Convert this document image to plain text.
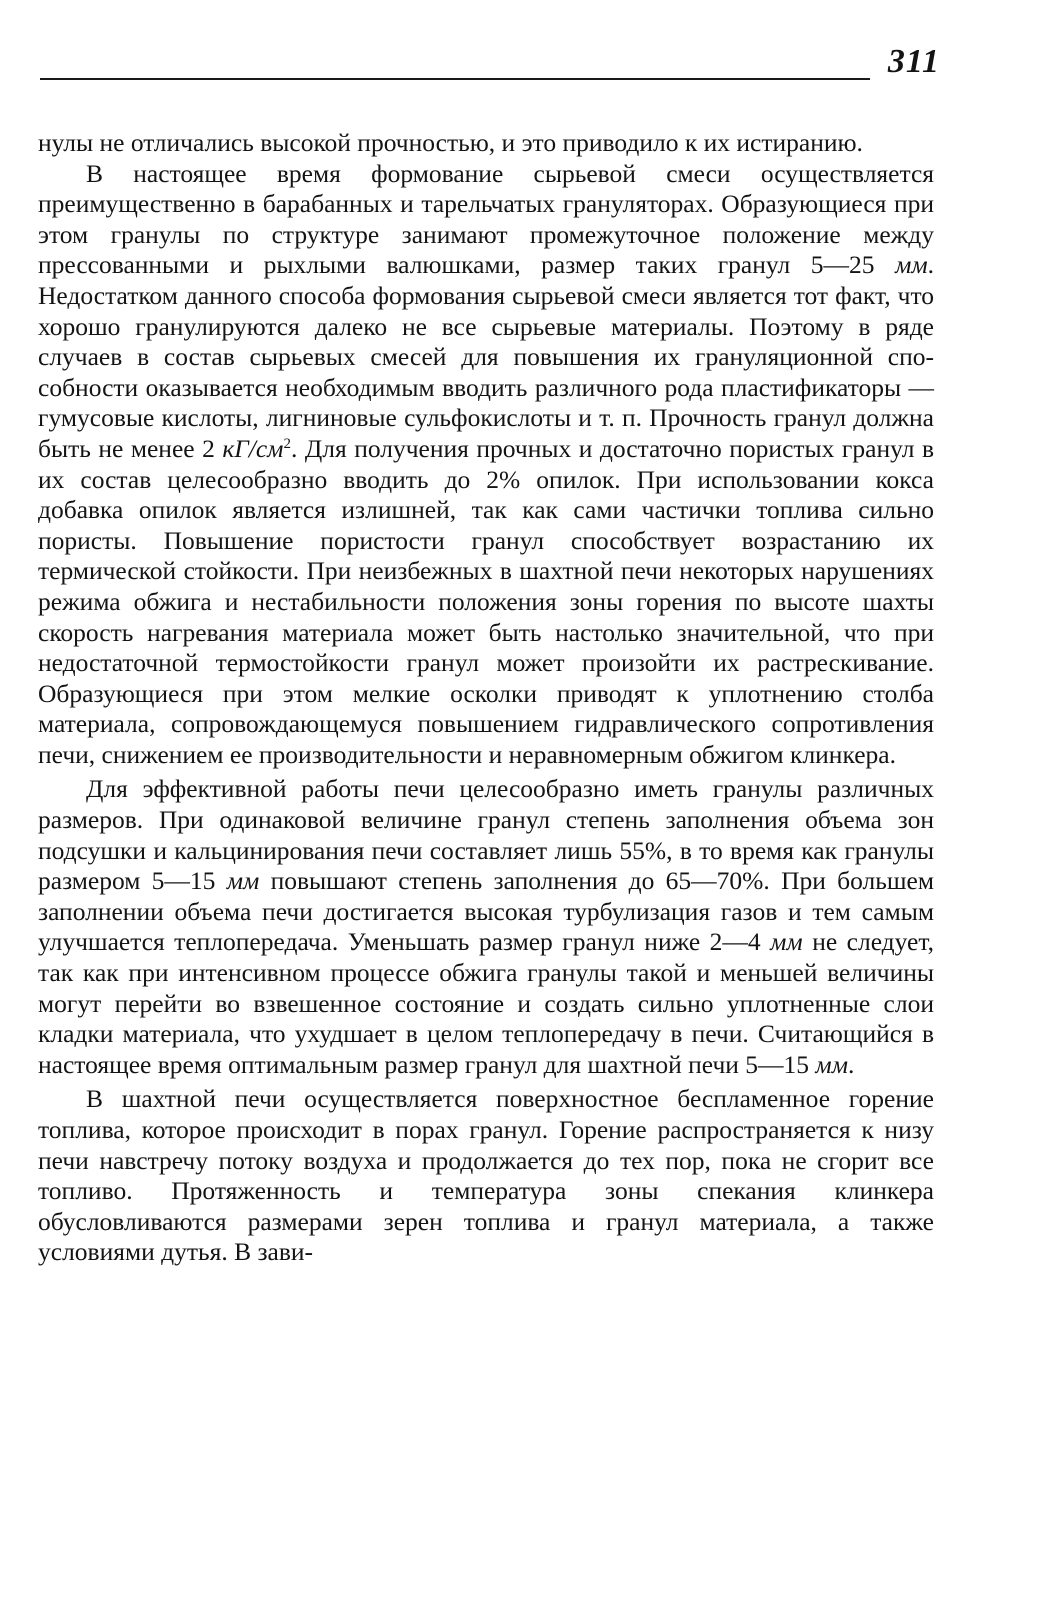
311

нулы не отличались высокой прочностью, и это приводило к их истиранию.

В настоящее время формование сырьевой смеси осуществляется преимущественно в барабанных и тарельчатых грануляторах. Образующиеся при этом гранулы по структуре занимают промежуточное положение между прессованными и рыхлыми валюшками, размер таких гранул 5—25 мм. Недостатком данного способа формования сырьевой смеси является тот факт, что хорошо гранулируются далеко не все сырьевые материалы. Поэтому в ряде случаев в состав сырьевых смесей для повышения их грануляционной способности оказывается необходимым вводить различного рода пластификаторы — гумусовые кислоты, лигниновые сульфокислоты и т. п. Прочность гранул должна быть не менее 2 $кГ/см^2$. Для получения прочных и достаточно пористых гранул в их состав целесообразно вводить до 2% опилок. При использовании кокса добавка опилок является излишней, так как сами частички топлива сильно пористы. Повышение пористости гранул способствует возрастанию их термической стойкости. При неизбежных в шахтной печи некоторых нарушениях режима обжига и нестабильности положения зоны горения по высоте шахты скорость нагревания материала может быть настолько значительной, что при недостаточной термостойкости гранул может произойти их растрескивание. Образующиеся при этом мелкие осколки приводят к уплотнению столба материала, сопровождающемуся повышением гидравлического сопротивления печи, снижением ее производительности и неравномерным обжигом клинкера.

Для эффективной работы печи целесообразно иметь гранулы различных размеров. При одинаковой величине гранул степень заполнения объема зон подсушки и кальцинирования печи составляет лишь 55%, в то время как гранулы размером 5—15 мм повышают степень заполнения до 65—70%. При большем заполнении объема печи достигается высокая турбулизация газов и тем самым улучшается теплопередача. Уменьшать размер гранул ниже 2—4 мм не следует, так как при интенсивном процессе обжига гранулы такой и меньшей величины могут перейти во взвешенное состояние и создать сильно уплотненные слои кладки материала, что ухудшает в целом теплопередачу в печи. Считающийся в настоящее время оптимальным размер гранул для шахтной печи 5—15 мм.

В шахтной печи осуществляется поверхностное беспламенное горение топлива, которое происходит в порах гранул. Горение распространяется к низу печи навстречу потоку воздуха и продолжается до тех пор, пока не сгорит все топливо. Протяженность и температура зоны спекания клинкера обусловливаются размерами зерен топлива и гранул материала, а также условиями дутья. В зави-
